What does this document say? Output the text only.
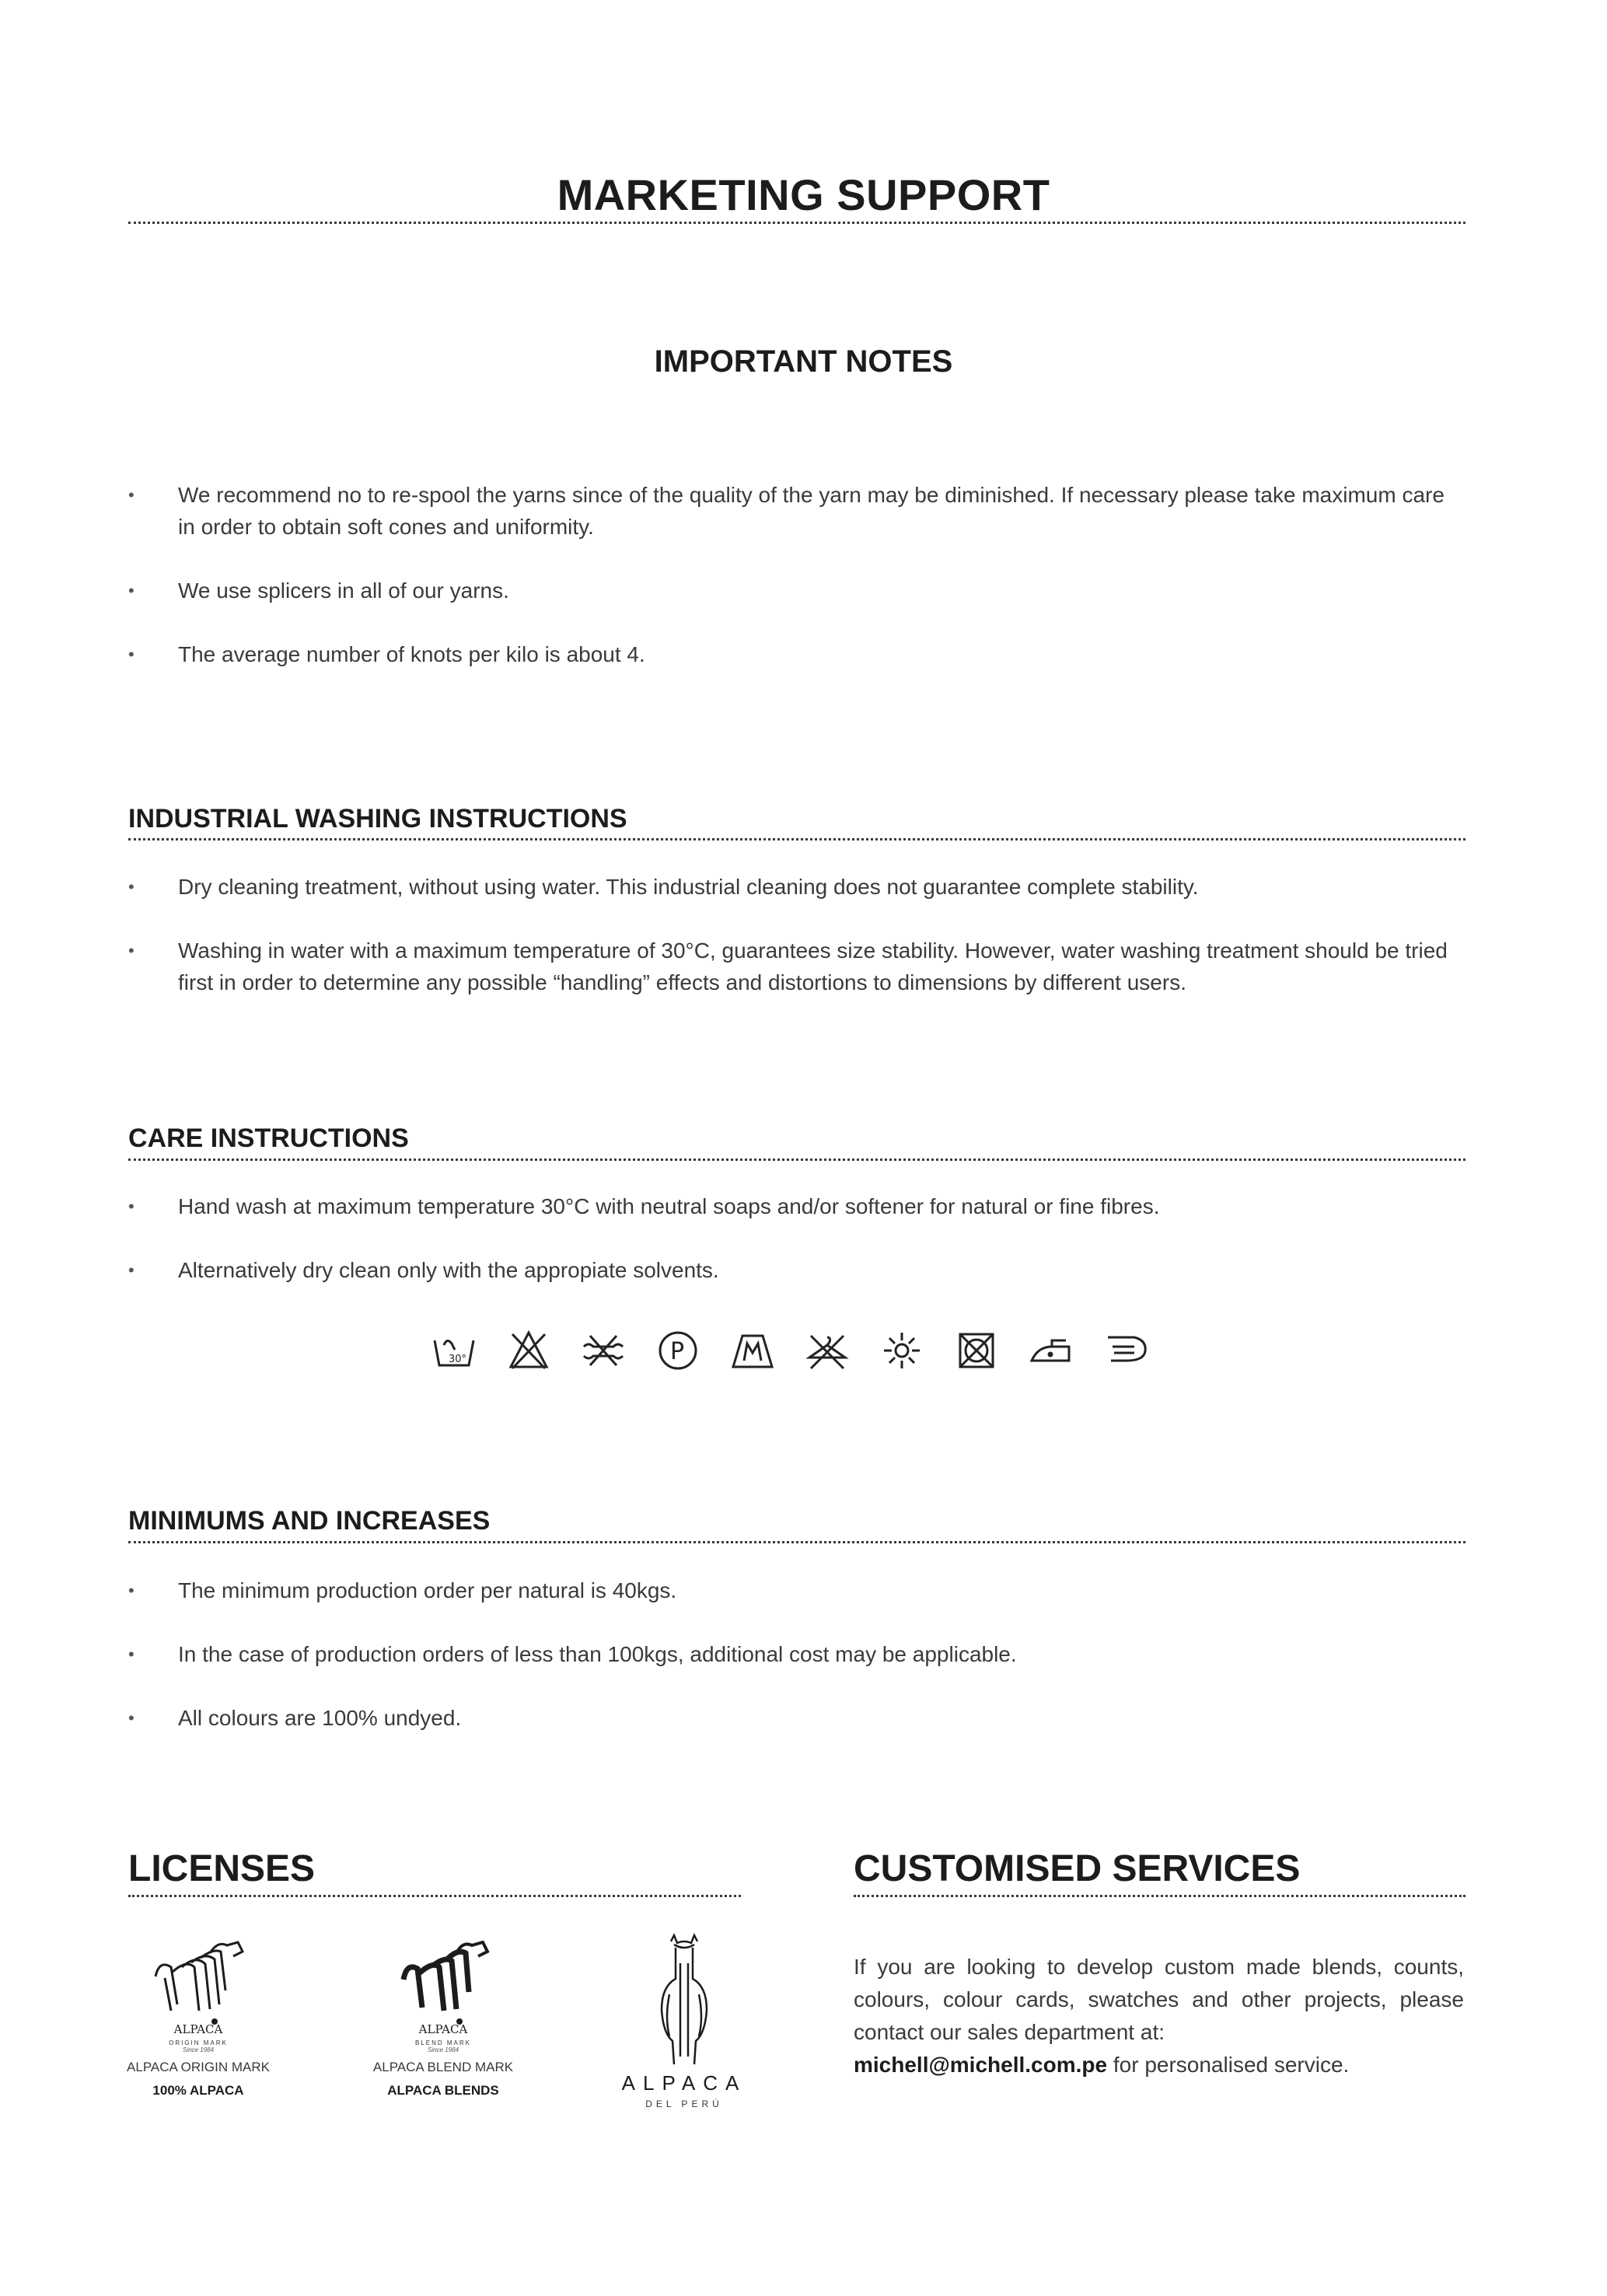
MARKETING SUPPORT
IMPORTANT NOTES
• We recommend no to re-spool the yarns since of the quality of the yarn may be diminished. If necessary please take maximum care in order to obtain soft cones and uniformity.
• We use splicers in all of our yarns.
• The average number of knots per kilo is about 4.
INDUSTRIAL WASHING INSTRUCTIONS
• Dry cleaning treatment, without using water. This industrial cleaning does not guarantee complete stability.
• Washing in water with a maximum temperature of 30°C, guarantees size stability. However, water washing treatment should be tried first in order to determine any possible “handling” effects and distortions to dimensions by different users.
CARE INSTRUCTIONS
• Hand wash at maximum temperature 30°C with neutral soaps and/or softener for natural or fine fibres.
• Alternatively dry clean only with the appropiate solvents.
30°	P
MINIMUMS AND INCREASES
• The minimum production order per natural is 40kgs.
• In the case of production orders of less than 100kgs, additional cost may be applicable.
• All colours are 100% undyed.
LICENSES
ALPACA
ORIGIN MARK
Since 1984
ALPACA ORIGIN MARK
100% ALPACA
ALPACA
BLEND MARK
Since 1984
ALPACA BLEND MARK
ALPACA BLENDS	ALPACA
DEL PERÚ
CUSTOMISED SERVICES
If you are looking to develop custom made blends, counts, colours, colour cards, swatches and other projects, please contact our sales department at:
michell@michell.com.pe for personalised service.
